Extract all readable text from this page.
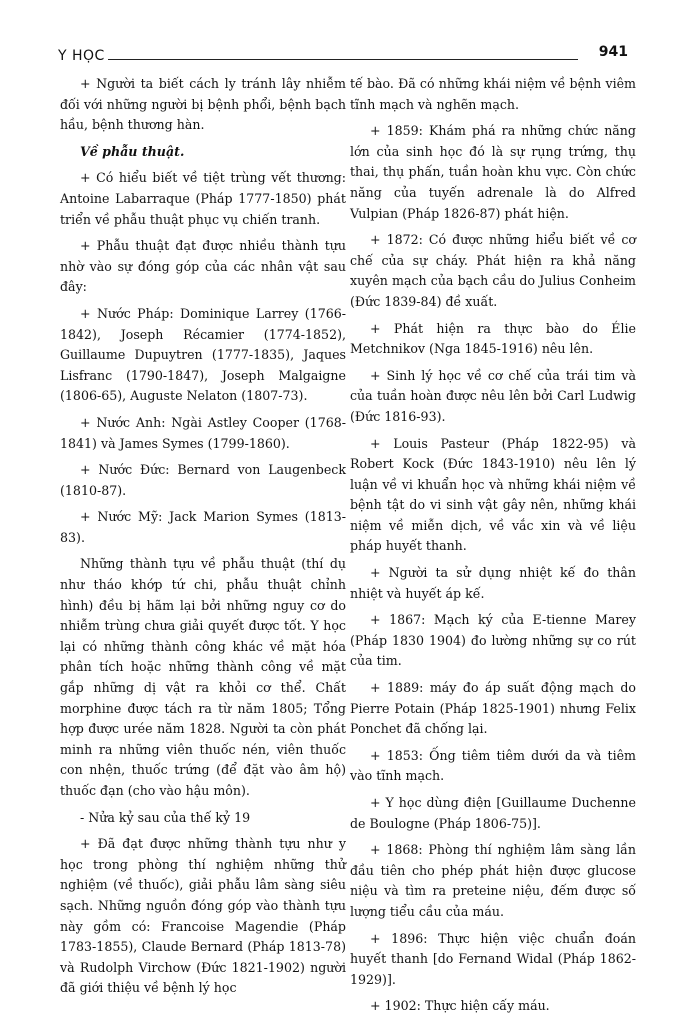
Y HỌC	941

+ Người ta biết cách ly tránh lây nhiễm đối với những người bị bệnh phổi, bệnh bạch hầu, bệnh thương hàn.

Về phẫu thuật.

+ Có hiểu biết về tiệt trùng vết thương: Antoine Labarraque (Pháp 1777-1850) phát triển về phẫu thuật phục vụ chiến tranh.

+ Phẫu thuật đạt được nhiều thành tựu nhờ vào sự đóng góp của các nhân vật sau đây:

+ Nước Pháp: Dominique Larrey (1766-1842), Joseph Récamier (1774-1852), Guillaume Dupuytren (1777-1835), Jaques Lisfranc (1790-1847), Joseph Malgaigne (1806-65), Auguste Nelaton (1807-73).

+ Nước Anh: Ngài Astley Cooper (1768-1841) và James Symes (1799-1860).

+ Nước Đức: Bernard von Laugenbeck (1810-87).

+ Nước Mỹ: Jack Marion Symes (1813-83).

Những thành tựu về phẫu thuật (thí dụ như tháo khớp tứ chi, phẫu thuật chỉnh hình) đều bị hãm lại bởi những nguy cơ do nhiễm trùng chưa giải quyết được tốt. Y học lại có những thành công khác về mặt hóa phân tích hoặc những thành công về mặt gắp những dị vật ra khỏi cơ thể. Chất morphine được tách ra từ năm 1805; Tổng hợp được urée năm 1828. Người ta còn phát minh ra những viên thuốc nén, viên thuốc con nhện, thuốc trứng (để đặt vào âm hộ) thuốc đạn (cho vào hậu môn).

- Nửa kỷ sau của thế kỷ 19

+ Đã đạt được những thành tựu như y học trong phòng thí nghiệm những thử nghiệm (về thuốc), giải phẫu lâm sàng siêu sạch. Những nguồn đóng góp vào thành tựu này gồm có: Francoise Magendie (Pháp 1783-1855), Claude Bernard (Pháp 1813-78) và Rudolph Virchow (Đức 1821-1902) người đã giới thiệu về bệnh lý học

tế bào. Đã có những khái niệm về bệnh viêm tĩnh mạch và nghẽn mạch.

+ 1859: Khám phá ra những chức năng lớn của sinh học đó là sự rụng trứng, thụ thai, thụ phấn, tuần hoàn khu vực. Còn chức năng của tuyến adrenale là do Alfred Vulpian (Pháp 1826-87) phát hiện.

+ 1872: Có được những hiểu biết về cơ chế của sự cháy. Phát hiện ra khả năng xuyên mạch của bạch cầu do Julius Conheim (Đức 1839-84) đề xuất.

+ Phát hiện ra thực bào do Élie Metchnikov (Nga 1845-1916) nêu lên.

+ Sinh lý học về cơ chế của trái tim và của tuần hoàn được nêu lên bởi Carl Ludwig (Đức 1816-93).

+ Louis Pasteur (Pháp 1822-95) và Robert Kock (Đức 1843-1910) nêu lên lý luận về vi khuẩn học và những khái niệm về bệnh tật do vi sinh vật gây nên, những khái niệm về miễn dịch, về vắc xin và về liệu pháp huyết thanh.

+ Người ta sử dụng nhiệt kế đo thân nhiệt và huyết áp kế.

+ 1867: Mạch ký của E-tienne Marey (Pháp 1830 1904) đo lường những sự co rút của tim.

+ 1889: máy đo áp suất động mạch do Pierre Potain (Pháp 1825-1901) nhưng Felix Ponchet đã chống lại.

+ 1853: Ống tiêm tiêm dưới da và tiêm vào tĩnh mạch.

+ Y học dùng điện [Guillaume Duchenne de Boulogne (Pháp 1806-75)].

+ 1868: Phòng thí nghiệm lâm sàng lần đầu tiên cho phép phát hiện được glucose niệu và tìm ra preteine niệu, đếm được số lượng tiểu cầu của máu.

+ 1896: Thực hiện việc chuẩn đoán huyết thanh [do Fernand Widal (Pháp 1862-1929)].

+ 1902: Thực hiện cấy máu.
